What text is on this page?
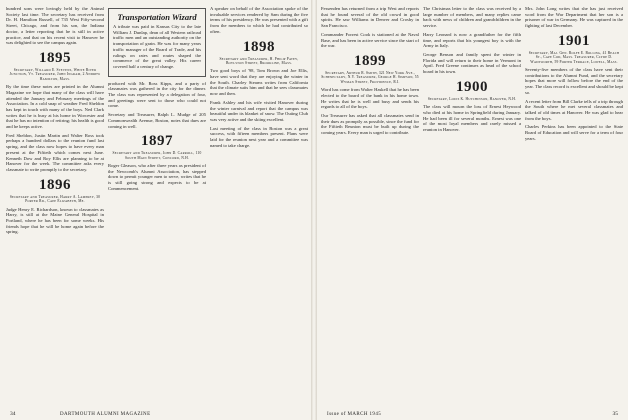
hundred sons were lovingly held by the Animal Society last time. The secretary has received from Dr. H. Hamilton Russell, of 735 West Fifty-second Street, Chicago, and from his son, the Indiana doctor, a letter reporting that he is still in active practice, and that on his recent visit to Hanover he was delighted to see the campus again.

1895
Secretary, Willard E. Stevens, White River Junction, Vt. Treasurer, John Ingram, 2 Andrew Hamilton, Mass.

By the time these notes are printed in the Alumni Magazine we hope that many of the class will have attended the January and February meetings of the Association. In a cold snap of weather Fred Sheldon has kept in touch with many of the boys. Ned Clark writes that he is busy at his home in Worcester and that he has no intention of retiring; his health is good and he keeps active.

Fred Sheldon, Justin Martin and Walter Ross took perhaps a hundred dollars to the reunion fund last spring, and the class now hopes to have every man present at the Fiftieth which comes next June. Kenneth Dow and Roy Ellis are planning to be at Hanover for the week. The committee asks every classmate to write promptly to the secretary.

1896
Secretary and Treasurer, Harry A. Lamprey, 30 Porter Rd., Cape Elizabeth, Me.

Judge Henry E. Richardson, known to classmates as Harry, is still at the Maine General Hospital in Portland, where he has been for some weeks. His friends hope that he will be home again before the spring.

Transportation Wizard

A tribute was paid in Kansas City to the late William J. Dunlap, dean of all Western railroad traffic men and an outstanding authority on the transportation of grain. He was for many years traffic manager of the Board of Trade, and his rulings on rates and routes shaped the commerce of the great valley. His career covered half a century of change.

produced with Mr. Ross Kipps, and a party of classmates was gathered in the city for the dinner. The class was represented by a delegation of four, and greetings were sent to those who could not come.

Secretary and Treasurer, Ralph L. Mudge of 205 Commonwealth Avenue, Boston, notes that dues are coming in well.

1897
Secretary and Treasurer, John D. Carroll, 110 South Main Street, Concord, N.H.

Roger Gleason, who after three years as president of the Newcomb's Alumni Association, has stepped down to permit younger men to serve, writes that he is still going strong and expects to be at Commencement.

A speaker on behalf of the Association spoke of the invaluable services rendered by Sam during the five terms of his presidency. He was presented with a gift from the members to which he had contributed so often.

1898
Secretary and Treasurer, H. Philip Patey, Boylston Street, Brookline, Mass.

Two good boys of '98, Tom Brown and Joe Ellis, have sent word that they are enjoying the winter in the South. Charley Stearns writes from California that the climate suits him and that he sees classmates now and then.

Frank Ashley and his wife visited Hanover during the winter carnival and report that the campus was beautiful under its blanket of snow. The Outing Club was very active and the skiing excellent.

Last meeting of the class in Boston was a great success, with fifteen members present. Plans were laid for the reunion next year and a committee was named to take charge.

34	DARTMOUTH ALUMNI MAGAZINE

Fessenden has returned from a trip West and reports that he found several of the old crowd in good spirits. He saw Williams in Denver and Crosby in San Francisco.

Commander Forrest Cook is stationed at the Naval Base, and has been in active service since the start of the war.

1899
Secretary, Arthur R. Smith, 321 New York Ave., Schenectady, N.Y. Treasurer, George H. Simpson, 55 Wyman Street, Providence, R.I.

Word has come from Walter Haskell that he has been elected to the board of the bank in his home town. He writes that he is well and busy and sends his regards to all of the boys.

Our Treasurer has asked that all classmates send in their dues as promptly as possible, since the fund for the Fiftieth Reunion must be built up during the coming years. Every man is urged to contribute.

The Christmas letter to the class was received by a large number of members, and many replies came back with news of children and grandchildren in the service.

Harry Leonard is now a grandfather for the fifth time, and reports that his youngest boy is with the Army in Italy.

George Benson and family spent the winter in Florida and will return to their home in Vermont in April. Fred Greene continues as head of the school board in his town.

1900
Secretary, Louis K. Hutchinson, Hanover, N.H.

The class will mourn the loss of Ernest Heywood who died at his home in Springfield during January. He had been ill for several months. Ernest was one of the most loyal members and rarely missed a reunion in Hanover.

Mrs. John Long writes that she has just received word from the War Department that her son is a prisoner of war in Germany. He was captured in the fighting of last December.

1901
Secretary, Maj. Gen. Rolfe E. Bolling, 41 Beach St., Cape Cod, Mass. Treasurer, Clyde D. Wadsworth, 59 Porter Terrace, Lowell, Mass.

Seventy-five members of the class have sent their contributions to the Alumni Fund, and the secretary hopes that more will follow before the end of the year. The class record is excellent and should be kept so.

A recent letter from Bill Clarke tells of a trip through the South where he met several classmates and talked of old times at Hanover. He was glad to hear from the boys.

Charles Perkins has been appointed to the State Board of Education and will serve for a term of four years.

Issue of MARCH 1945	35
